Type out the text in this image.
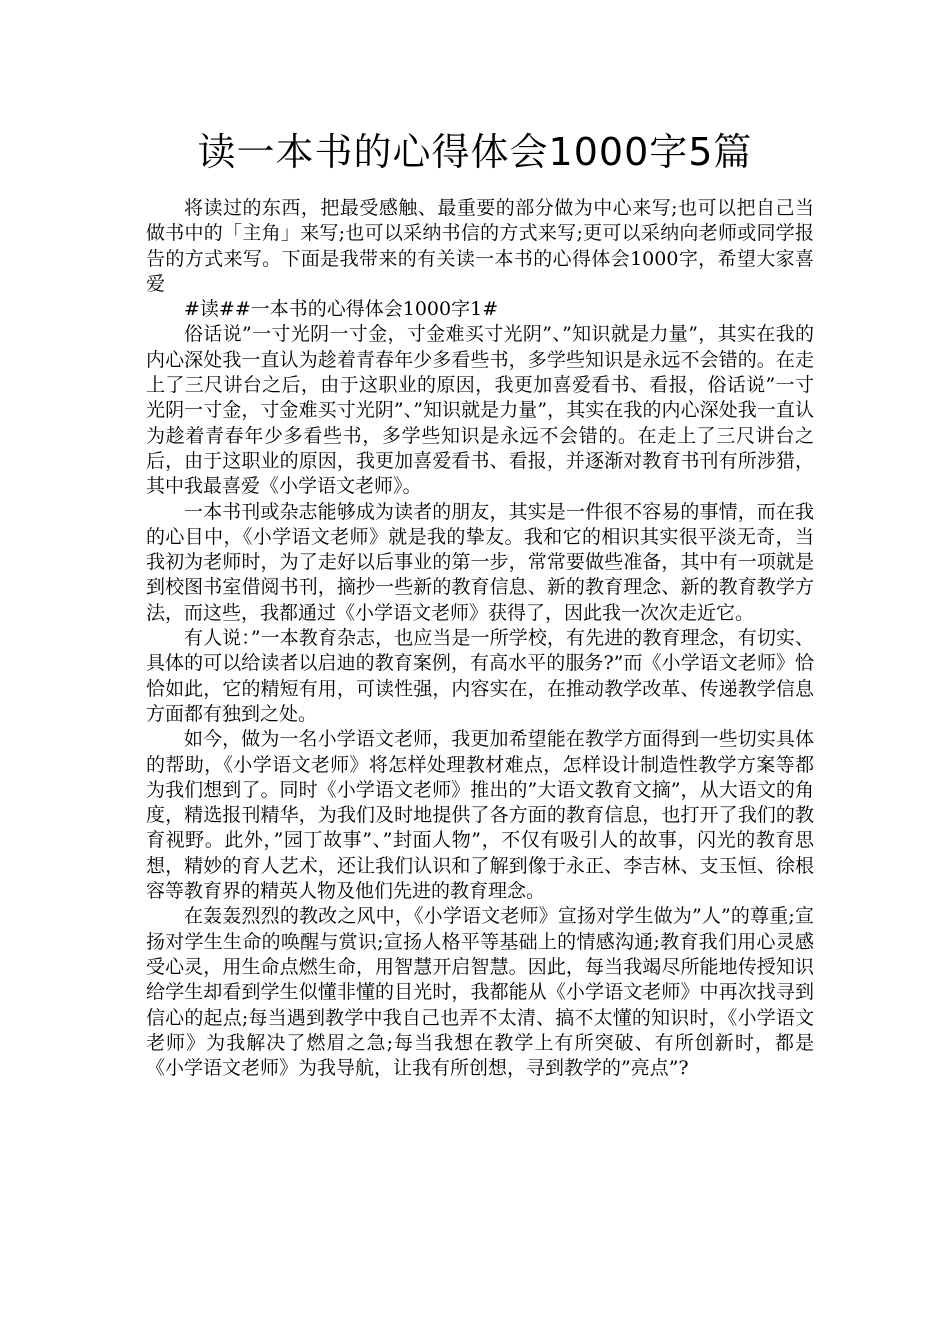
读一本书的心得体会1000字5篇

将读过的东西，把最受感触、最重要的部分做为中心来写;也可以把自己当做书中的「主角」来写;也可以采纳书信的方式来写;更可以采纳向老师或同学报告的方式来写。下面是我带来的有关读一本书的心得体会1000字，希望大家喜爱

#读##一本书的心得体会1000字1#

俗话说”一寸光阴一寸金，寸金难买寸光阴”、”知识就是力量”，其实在我的内心深处我一直认为趁着青春年少多看些书，多学些知识是永远不会错的。在走上了三尺讲台之后，由于这职业的原因，我更加喜爱看书、看报，俗话说”一寸光阴一寸金，寸金难买寸光阴”、”知识就是力量”，其实在我的内心深处我一直认为趁着青春年少多看些书，多学些知识是永远不会错的。在走上了三尺讲台之后，由于这职业的原因，我更加喜爱看书、看报，并逐渐对教育书刊有所涉猎，其中我最喜爱《小学语文老师》。

一本书刊或杂志能够成为读者的朋友，其实是一件很不容易的事情，而在我的心目中，《小学语文老师》就是我的挚友。我和它的相识其实很平淡无奇，当我初为老师时，为了走好以后事业的第一步，常常要做些准备，其中有一项就是到校图书室借阅书刊，摘抄一些新的教育信息、新的教育理念、新的教育教学方法，而这些，我都通过《小学语文老师》获得了，因此我一次次走近它。

有人说：”一本教育杂志，也应当是一所学校，有先进的教育理念，有切实、具体的可以给读者以启迪的教育案例，有高水平的服务?”而《小学语文老师》恰恰如此，它的精短有用，可读性强，内容实在，在推动教学改革、传递教学信息方面都有独到之处。

如今，做为一名小学语文老师，我更加希望能在教学方面得到一些切实具体的帮助，《小学语文老师》将怎样处理教材难点，怎样设计制造性教学方案等都为我们想到了。同时《小学语文老师》推出的”大语文教育文摘”，从大语文的角度，精选报刊精华，为我们及时地提供了各方面的教育信息，也打开了我们的教育视野。此外，”园丁故事”、”封面人物”，不仅有吸引人的故事，闪光的教育思想，精妙的育人艺术，还让我们认识和了解到像于永正、李吉林、支玉恒、徐根容等教育界的精英人物及他们先进的教育理念。

在轰轰烈烈的教改之风中，《小学语文老师》宣扬对学生做为”人”的尊重;宣扬对学生生命的唤醒与赏识;宣扬人格平等基础上的情感沟通;教育我们用心灵感受心灵，用生命点燃生命，用智慧开启智慧。因此，每当我竭尽所能地传授知识给学生却看到学生似懂非懂的目光时，我都能从《小学语文老师》中再次找寻到信心的起点;每当遇到教学中我自己也弄不太清、搞不太懂的知识时，《小学语文老师》为我解决了燃眉之急;每当我想在教学上有所突破、有所创新时，都是《小学语文老师》为我导航，让我有所创想，寻到教学的”亮点”?
